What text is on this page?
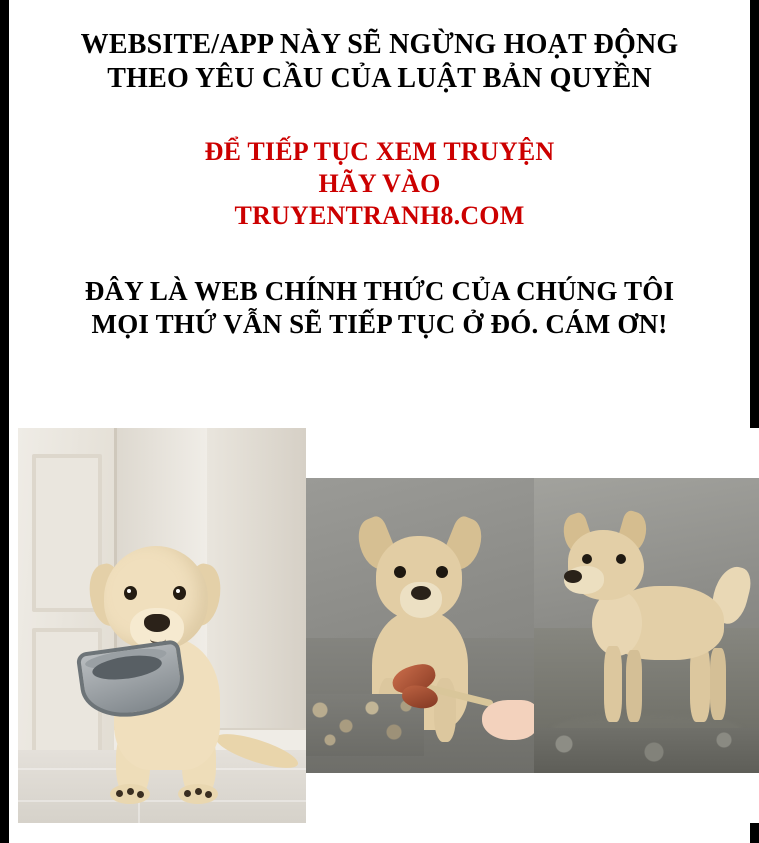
WEBSITE/APP NÀY SẼ NGỪNG HOẠT ĐỘNG
THEO YÊU CẦU CỦA LUẬT BẢN QUYỀN
ĐỂ TIẾP TỤC XEM TRUYỆN
HÃY VÀO
TRUYENTRANH8.COM
ĐÂY LÀ WEB CHÍNH THỨC CỦA CHÚNG TÔI
MỌI THỨ VẪN SẼ TIẾP TỤC Ở ĐÓ. CÁM ƠN!
